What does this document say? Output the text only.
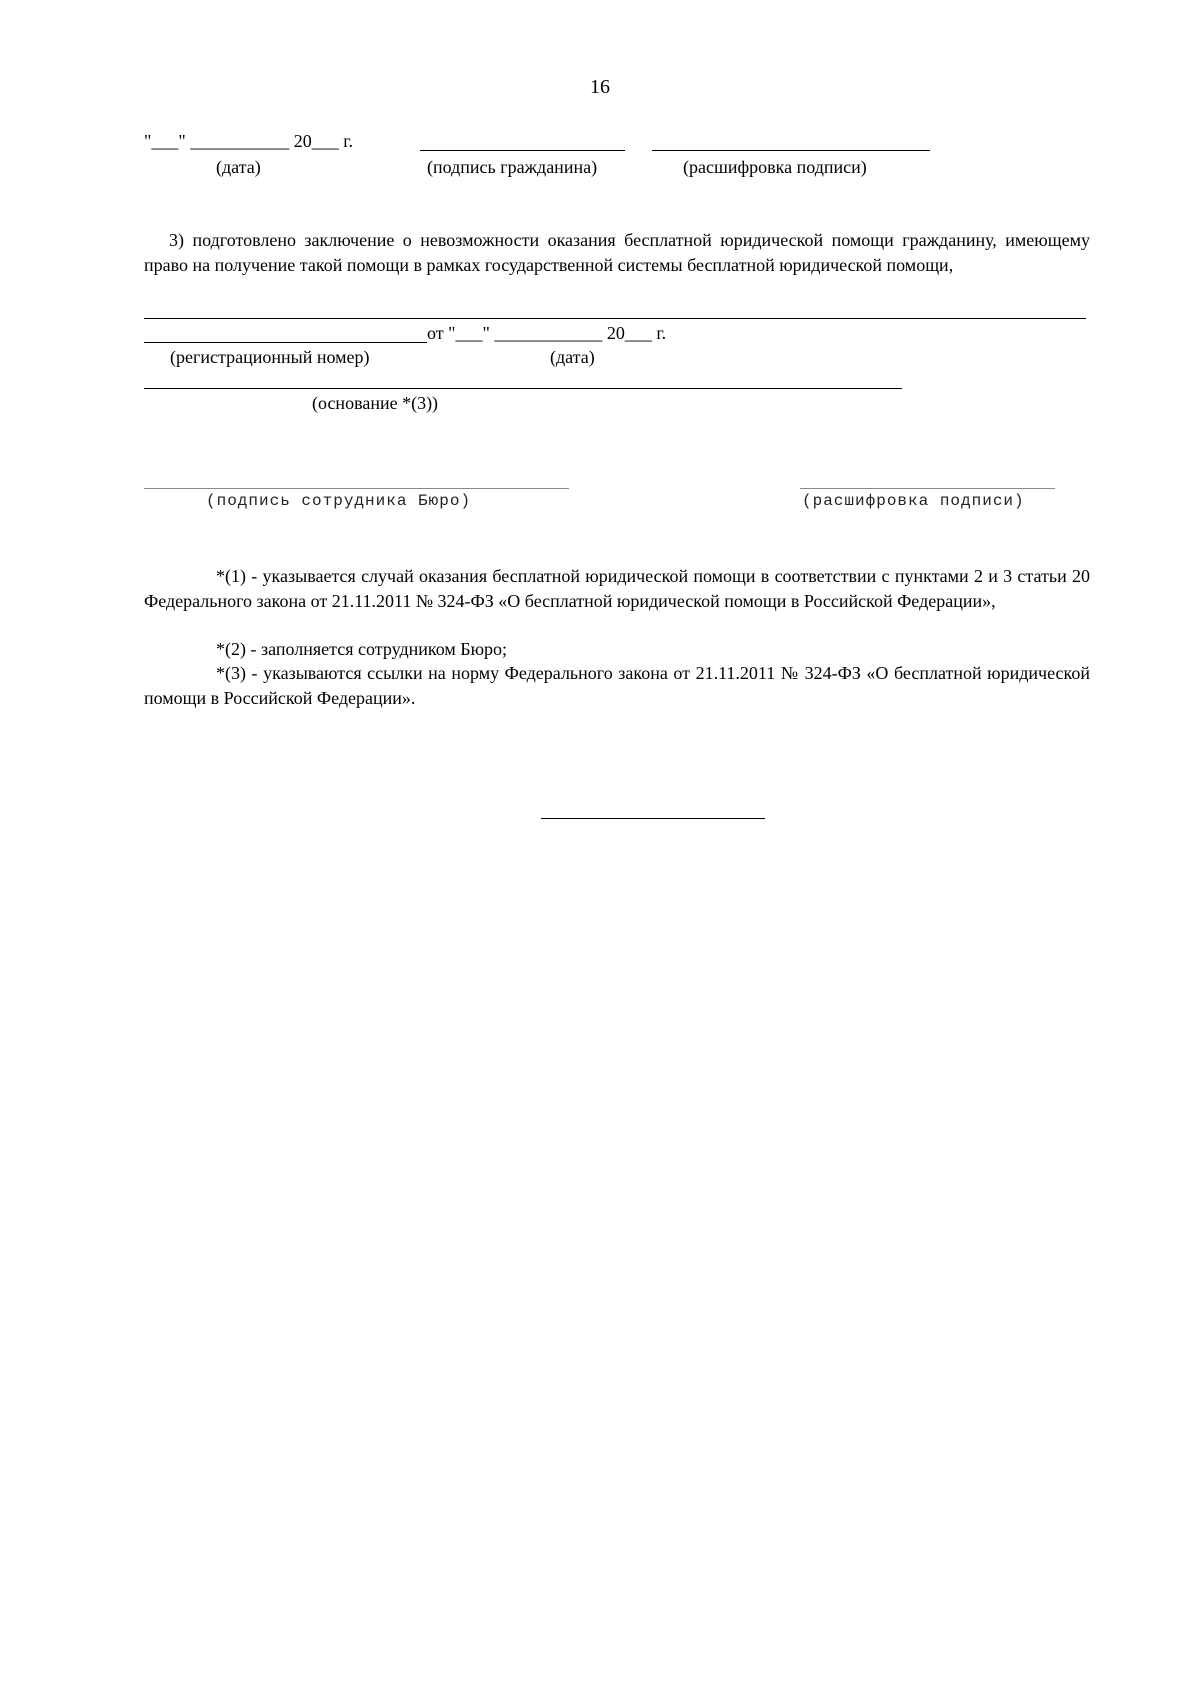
16
"___" ___________ 20___ г.
(дата)	(подпись гражданина)	(расшифровка подписи)
3) подготовлено заключение о невозможности оказания бесплатной юридической помощи гражданину, имеющему право на получение такой помощи в рамках государственной системы бесплатной юридической помощи,
от "___" ____________ 20___ г.
(регистрационный номер)	(дата)
(основание *(3))
(подпись сотрудника Бюро)	(расшифровка подписи)
*(1) - указывается случай оказания бесплатной юридической помощи в соответствии с пунктами 2 и 3 статьи 20 Федерального закона от 21.11.2011 № 324-ФЗ «О бесплатной юридической помощи в Российской Федерации»,
*(2) - заполняется сотрудником Бюро;
*(3) - указываются ссылки на норму Федерального закона от 21.11.2011 № 324-ФЗ «О бесплатной юридической помощи в Российской Федерации».
